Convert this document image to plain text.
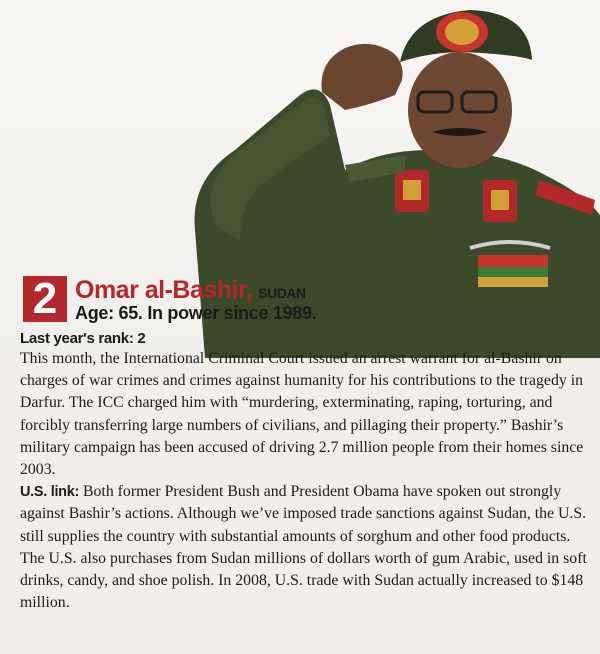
2 Omar al-Bashir, SUDAN
Age: 65. In power since 1989.
Last year's rank: 2

This month, the International Criminal Court issued an arrest warrant for al-Bashir on charges of war crimes and crimes against humanity for his contributions to the tragedy in Darfur. The ICC charged him with “murdering, exterminating, raping, torturing, and forcibly transferring large numbers of civilians, and pillaging their property.” Bashir’s military campaign has been accused of driving 2.7 million people from their homes since 2003.

U.S. link: Both former President Bush and President Obama have spoken out strongly against Bashir’s actions. Although we’ve imposed trade sanctions against Sudan, the U.S. still supplies the country with substantial amounts of sorghum and other food products. The U.S. also purchases from Sudan millions of dollars worth of gum Arabic, used in soft drinks, candy, and shoe polish. In 2008, U.S. trade with Sudan actually increased to $148 million.
